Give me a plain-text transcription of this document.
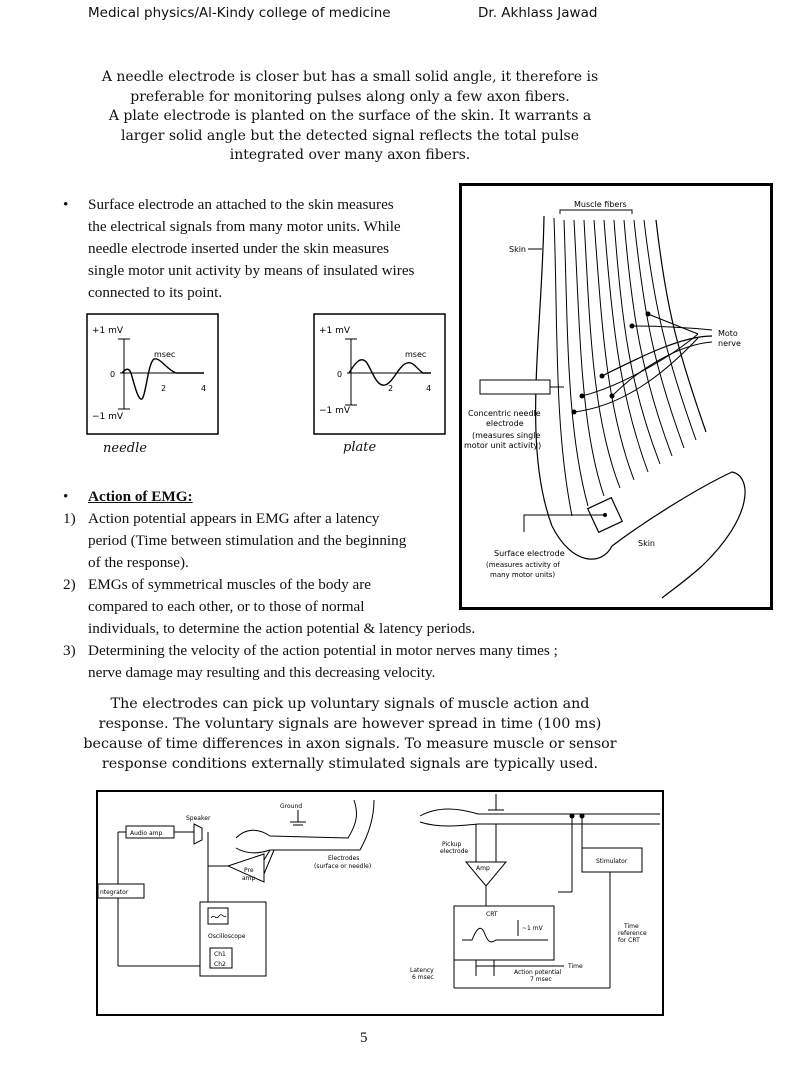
Medical physics/Al-Kindy college of medicine	Dr. Akhlass Jawad
A needle electrode is closer but has a small solid angle, it therefore is
preferable for monitoring pulses along only a few axon fibers.
A plate electrode is planted on the surface of the skin. It warrants a
larger solid angle but the detected signal reflects the total pulse
integrated over many axon fibers.
• Surface electrode an attached to the skin measures
the electrical signals from many motor units. While
needle electrode inserted under the skin measures
single motor unit activity by means of insulated wires
connected to its point.
+1 mV
msec
0
2	4
−1 mV
needle
+1 mV
msec
0
2	4
−1 mV
plate
Muscle fibers
Skin
Moto
nerve
Concentric needle
electrode
(measures single
motor unit activity)
Skin
Surface electrode
(measures activity of
many motor units)
• Action of EMG:
1) Action potential appears in EMG after a latency
period (Time between stimulation and the beginning
of the response).
2) EMGs of symmetrical muscles of the body are
compared to each other, or to those of normal
individuals, to determine the action potential & latency periods.
3) Determining the velocity of the action potential in motor nerves many times ;
nerve damage may resulting and this decreasing velocity.
The electrodes can pick up voluntary signals of muscle action and
response. The voluntary signals are however spread in time (100 ms)
because of time differences in axon signals. To measure muscle or sensor
response conditions externally stimulated signals are typically used.
Speaker
Ground
Audio amp
Electrodes
(surface or needle)
Pre
amp
ntegrator
Oscilloscope
Ch1
Ch2
Pickup
electrode
Amp
Stimulator
CRT
~1 mV	Time
reference
for CRT
Time
Latency
6 msec
Action potential
7 msec
5
